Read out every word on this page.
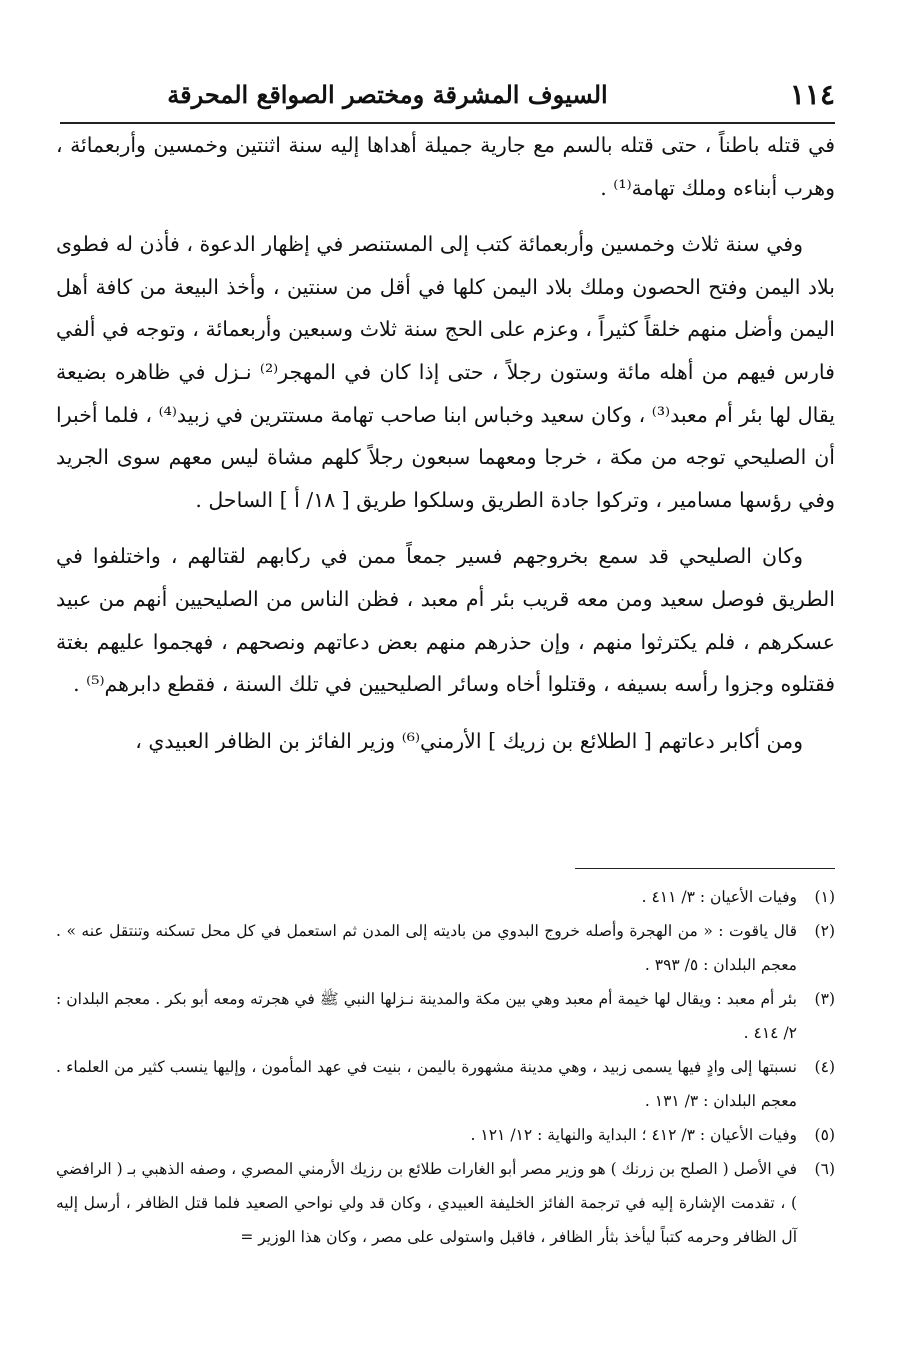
١١٤
السيوف المشرقة ومختصر الصواقع المحرقة

في قتله باطناً ، حتى قتله بالسم مع جارية جميلة أهداها إليه سنة اثنتين وخمسين وأربعمائة ، وهرب أبناءه وملك تهامة⁽¹⁾ .

وفي سنة ثلاث وخمسين وأربعمائة كتب إلى المستنصر في إظهار الدعوة ، فأذن له فطوى بلاد اليمن وفتح الحصون وملك بلاد اليمن كلها في أقل من سنتين ، وأخذ البيعة من كافة أهل اليمن وأضل منهم خلقاً كثيراً ، وعزم على الحج سنة ثلاث وسبعين وأربعمائة ، وتوجه في ألفي فارس فيهم من أهله مائة وستون رجلاً ، حتى إذا كان في المهجر⁽²⁾ نـزل في ظاهره بضيعة يقال لها بئر أم معبد⁽³⁾ ، وكان سعيد وخباس ابنا صاحب تهامة مستترين في زبيد⁽⁴⁾ ، فلما أخبرا أن الصليحي توجه من مكة ، خرجا ومعهما سبعون رجلاً كلهم مشاة ليس معهم سوى الجريد وفي رؤسها مسامير ، وتركوا جادة الطريق وسلكوا طريق [ ١٨/ أ ] الساحل .

وكان الصليحي قد سمع بخروجهم فسير جمعاً ممن في ركابهم لقتالهم ، واختلفوا في الطريق فوصل سعيد ومن معه قريب بئر أم معبد ، فظن الناس من الصليحيين أنهم من عبيد عسكرهم ، فلم يكترثوا منهم ، وإن حذرهم منهم بعض دعاتهم ونصحهم ، فهجموا عليهم بغتة فقتلوه وجزوا رأسه بسيفه ، وقتلوا أخاه وسائر الصليحيين في تلك السنة ، فقطع دابرهم⁽⁵⁾ .

ومن أكابر دعاتهم [ الطلائع بن زريك ] الأرمني⁽⁶⁾ وزير الفائز بن الظافر العبيدي ،

(١)
وفيات الأعيان : ٣/ ٤١١ .
(٢)
قال ياقوت : « من الهجرة وأصله خروج البدوي من باديته إلى المدن ثم استعمل في كل محل تسكنه وتنتقل عنه » . معجم البلدان : ٥/ ٣٩٣ .
(٣)
بئر أم معبد : ويقال لها خيمة أم معبد وهي بين مكة والمدينة نـزلها النبي ﷺ في هجرته ومعه أبو بكر . معجم البلدان : ٢/ ٤١٤ .
(٤)
نسبتها إلى وادٍ فيها يسمى زبيد ، وهي مدينة مشهورة باليمن ، بنيت في عهد المأمون ، وإليها ينسب كثير من العلماء . معجم البلدان : ٣/ ١٣١ .
(٥)
وفيات الأعيان : ٣/ ٤١٢ ؛ البداية والنهاية : ١٢/ ١٢١ .
(٦)
في الأصل ( الصلح بن زرنك ) هو وزير مصر أبو الغارات طلائع بن رزيك الأرمني المصري ، وصفه الذهبي بـ ( الرافضي ) ، تقدمت الإشارة إليه في ترجمة الفائز الخليفة العبيدي ، وكان قد ولي نواحي الصعيد فلما قتل الظافر ، أرسل إليه آل الظافر وحرمه كتباً ليأخذ بثأر الظافر ، فاقبل واستولى على مصر ، وكان هذا الوزير =
